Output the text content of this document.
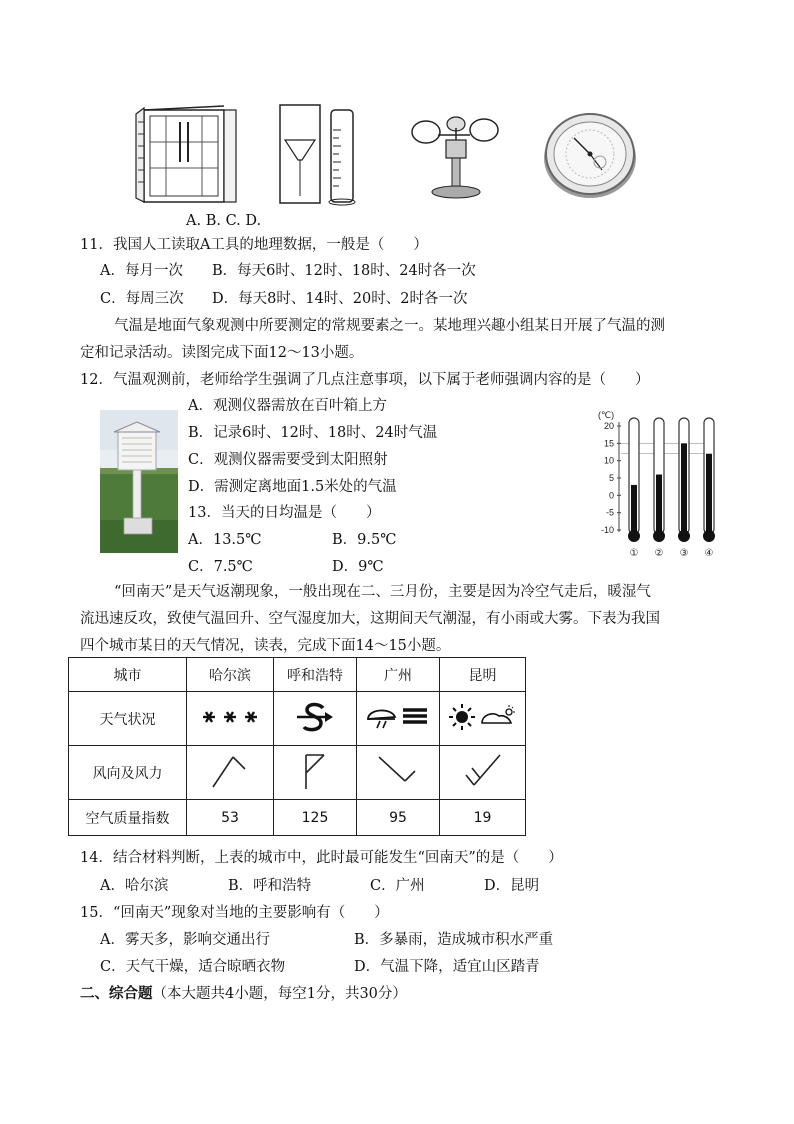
A. B. C. D.
11．我国人工读取A工具的地理数据，一般是（　　）
A．每月一次 B．每天6时、12时、18时、24时各一次
C．每周三次 D．每天8时、14时、20时、2时各一次
气温是地面气象观测中所要测定的常规要素之一。某地理兴趣小组某日开展了气温的测
定和记录活动。读图完成下面12～13小题。
12．气温观测前，老师给学生强调了几点注意事项，以下属于老师强调内容的是（　　）
A．观测仪器需放在百叶箱上方
B．记录6时、12时、18时、24时气温
C．观测仪器需要受到太阳照射
D．需测定离地面1.5米处的气温
13．当天的日均温是（　　）
A．13.5℃	B．9.5℃
C．7.5℃	D．9℃
(℃)
20
15
10
5
0
-5
-10
① ② ③ ④
“回南天”是天气返潮现象，一般出现在二、三月份，主要是因为冷空气走后，暖湿气
流迅速反攻，致使气温回升、空气湿度加大，这期间天气潮湿，有小雨或大雾。下表为我国
四个城市某日的天气情况，读表，完成下面14～15小题。
城市	哈尔滨	呼和浩特	广州	昆明
天气状况				
风向及风力				
空气质量指数	53	125	95	19
14．结合材料判断，上表的城市中，此时最可能发生“回南天”的是（　　）
A．哈尔滨	B．呼和浩特	C．广州	D．昆明
15．“回南天”现象对当地的主要影响有（　　）
A．雾天多，影响交通出行	B．多暴雨，造成城市积水严重
C．天气干燥，适合晾晒衣物	D．气温下降，适宜山区踏青
二、综合题（本大题共4小题，每空1分，共30分）
